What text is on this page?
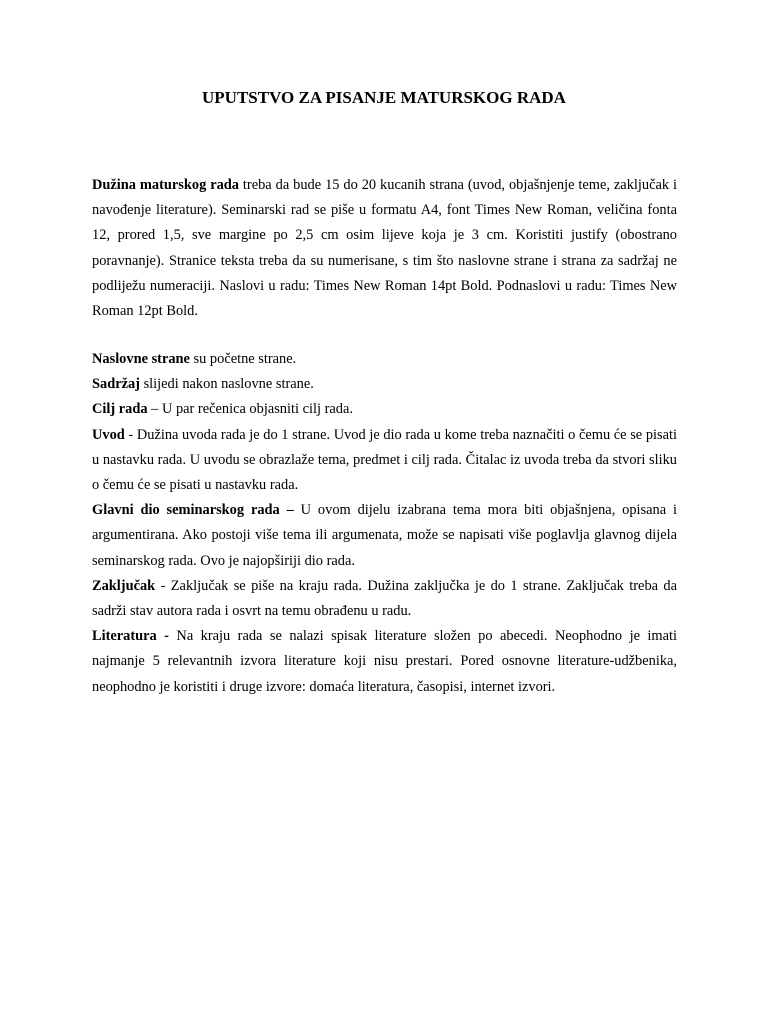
UPUTSTVO ZA PISANJE MATURSKOG RADA

Dužina maturskog rada treba da bude 15 do 20 kucanih strana (uvod, objašnjenje teme, zaključak i navođenje literature). Seminarski rad se piše u formatu A4, font Times New Roman, veličina fonta 12, prored 1,5, sve margine po 2,5 cm osim lijeve koja je 3 cm. Koristiti justify (obostrano poravnanje). Stranice teksta treba da su numerisane, s tim što naslovne strane i strana za sadržaj ne podliježu numeraciji. Naslovi u radu: Times New Roman 14pt Bold. Podnaslovi u radu: Times New Roman 12pt Bold.

Naslovne strane su početne strane.

Sadržaj slijedi nakon naslovne strane.

Cilj rada – U par rečenica objasniti cilj rada.

Uvod - Dužina uvoda rada je do 1 strane. Uvod je dio rada u kome treba naznačiti o čemu će se pisati u nastavku rada. U uvodu se obrazlaže tema, predmet i cilj rada. Čitalac iz uvoda treba da stvori sliku o čemu će se pisati u nastavku rada.

Glavni dio seminarskog rada – U ovom dijelu izabrana tema mora biti objašnjena, opisana i argumentirana. Ako postoji više tema ili argumenata, može se napisati više poglavlja glavnog dijela seminarskog rada. Ovo je najopširiji dio rada.

Zaključak - Zaključak se piše na kraju rada. Dužina zaključka je do 1 strane. Zaključak treba da sadrži stav autora rada i osvrt na temu obrađenu u radu.

Literatura - Na kraju rada se nalazi spisak literature složen po abecedi. Neophodno je imati najmanje 5 relevantnih izvora literature koji nisu prestari. Pored osnovne literature-udžbenika, neophodno je koristiti i druge izvore: domaća literatura, časopisi, internet izvori.
